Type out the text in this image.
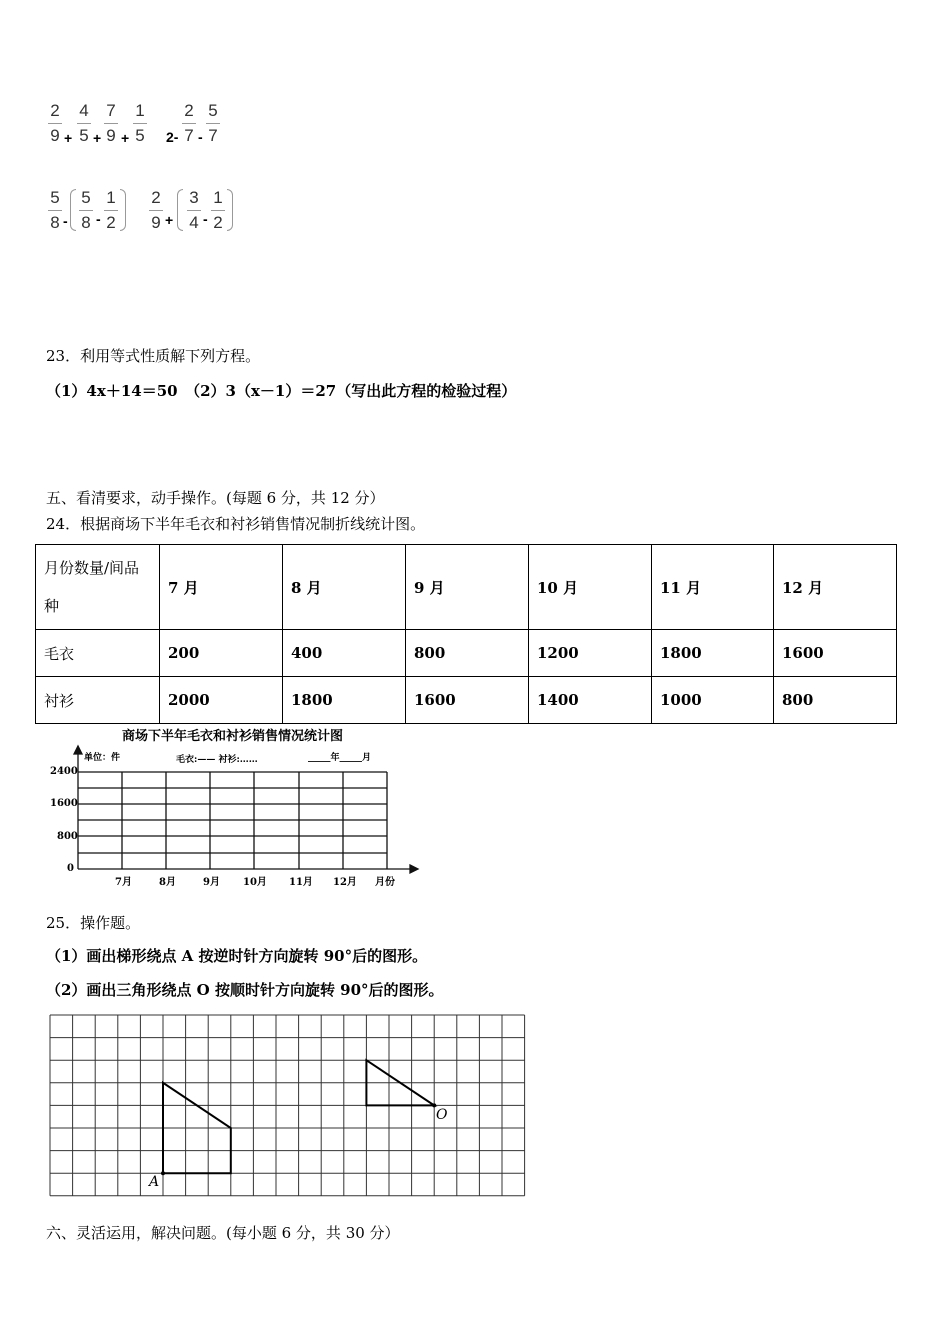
2
9 +
4
5 +
7
9 +
1
5 2-
2
7 -
5
7
5
8 -
5
8 -
1
2
2
9 +
3
4 -
1
2
23．利用等式性质解下列方程。
（1）4x＋14＝50　（2）3（x－1）＝27（写出此方程的检验过程）
五、看清要求，动手操作。(每题 6 分，共 12 分）
24．根据商场下半年毛衣和衬衫销售情况制折线统计图。
月份数量/间品
种	7 月	8 月	9 月	10 月	11 月	12 月
毛衣	200	400	800	1200	1800	1600
衬衫	2000	1800	1600	1400	1000	800
商场下半年毛衣和衬衫销售情况统计图
单位：件	毛衣:—— 衬衫:……	_____年_____月
2400
1600
800
0
7月	8月	9月 10月 11月 12月 月份
25．操作题。
（1）画出梯形绕点 A 按逆时针方向旋转 90°后的图形。
（2）画出三角形绕点 O 按顺时针方向旋转 90°后的图形。
A
O
六、灵活运用，解决问题。(每小题 6 分，共 30 分）
